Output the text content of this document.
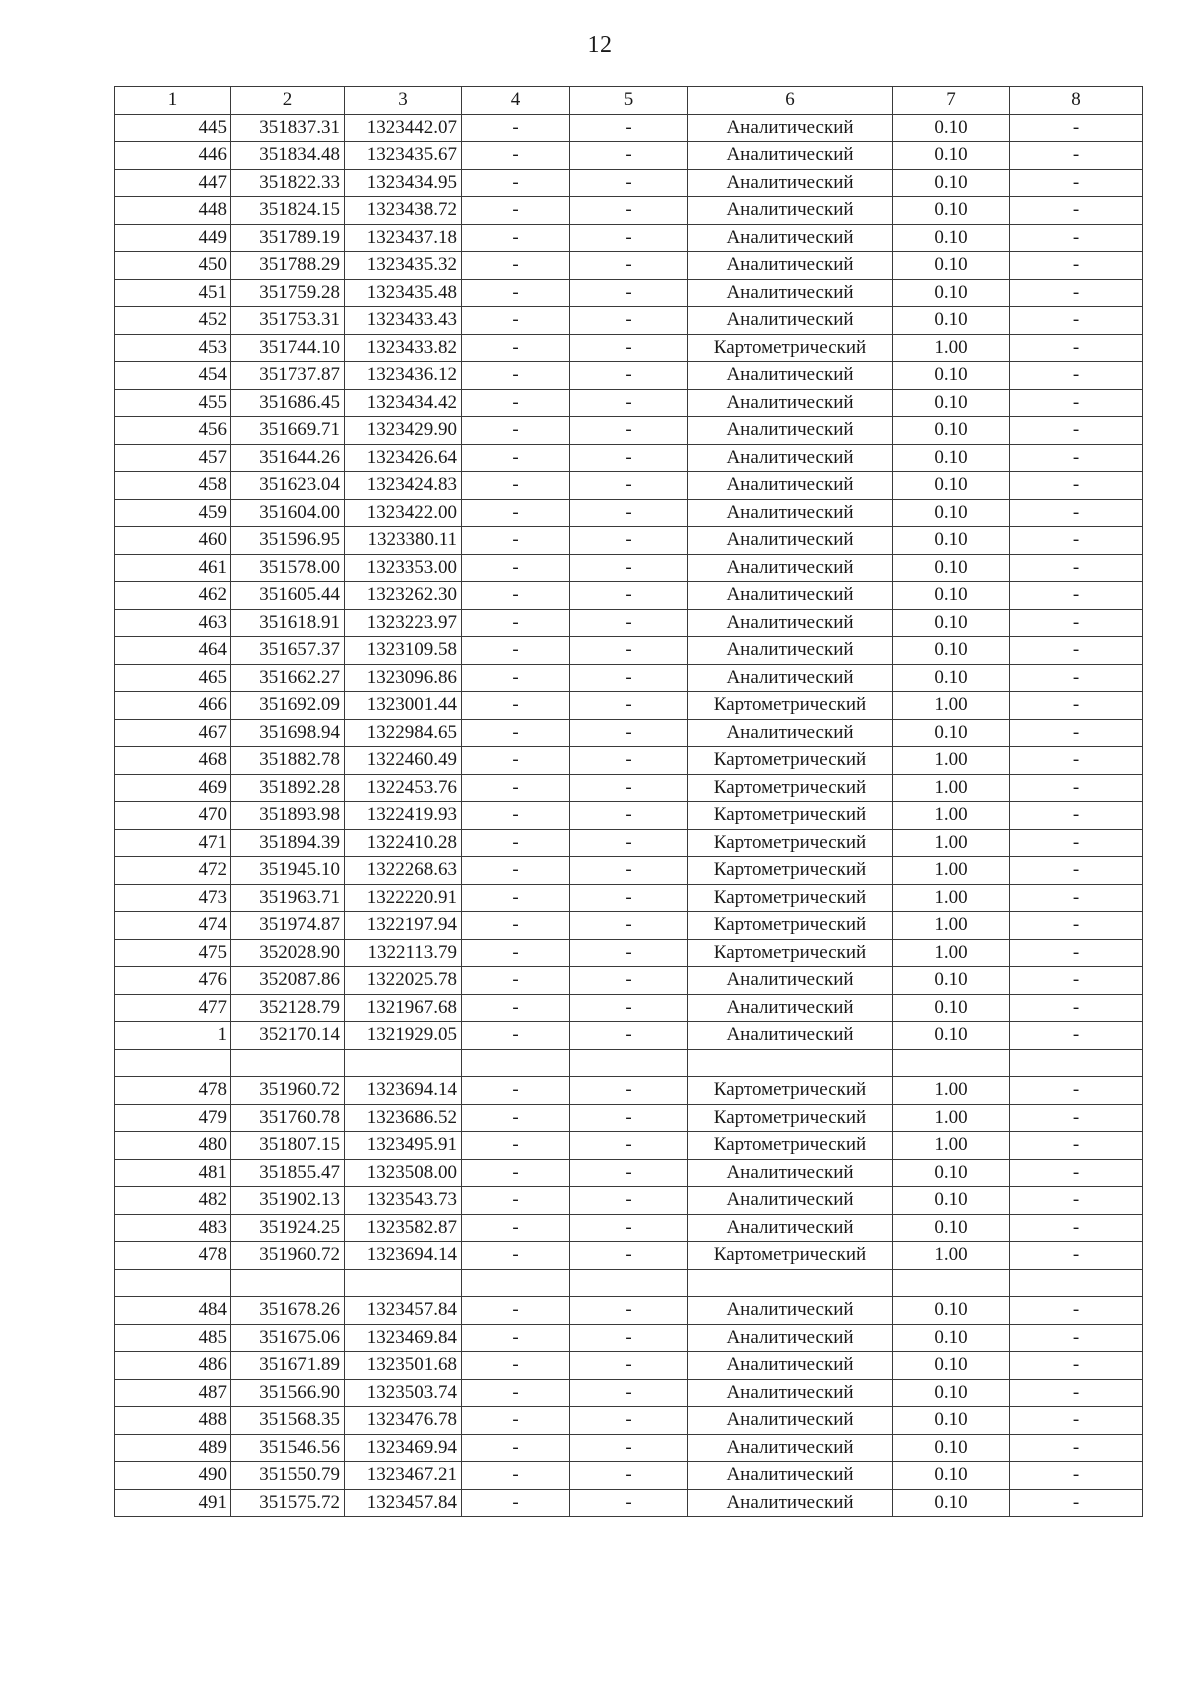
12
1	2	3	4	5	6	7	8
445	351837.31	1323442.07	-	-	Аналитический	0.10	-
446	351834.48	1323435.67	-	-	Аналитический	0.10	-
447	351822.33	1323434.95	-	-	Аналитический	0.10	-
448	351824.15	1323438.72	-	-	Аналитический	0.10	-
449	351789.19	1323437.18	-	-	Аналитический	0.10	-
450	351788.29	1323435.32	-	-	Аналитический	0.10	-
451	351759.28	1323435.48	-	-	Аналитический	0.10	-
452	351753.31	1323433.43	-	-	Аналитический	0.10	-
453	351744.10	1323433.82	-	-	Картометрический	1.00	-
454	351737.87	1323436.12	-	-	Аналитический	0.10	-
455	351686.45	1323434.42	-	-	Аналитический	0.10	-
456	351669.71	1323429.90	-	-	Аналитический	0.10	-
457	351644.26	1323426.64	-	-	Аналитический	0.10	-
458	351623.04	1323424.83	-	-	Аналитический	0.10	-
459	351604.00	1323422.00	-	-	Аналитический	0.10	-
460	351596.95	1323380.11	-	-	Аналитический	0.10	-
461	351578.00	1323353.00	-	-	Аналитический	0.10	-
462	351605.44	1323262.30	-	-	Аналитический	0.10	-
463	351618.91	1323223.97	-	-	Аналитический	0.10	-
464	351657.37	1323109.58	-	-	Аналитический	0.10	-
465	351662.27	1323096.86	-	-	Аналитический	0.10	-
466	351692.09	1323001.44	-	-	Картометрический	1.00	-
467	351698.94	1322984.65	-	-	Аналитический	0.10	-
468	351882.78	1322460.49	-	-	Картометрический	1.00	-
469	351892.28	1322453.76	-	-	Картометрический	1.00	-
470	351893.98	1322419.93	-	-	Картометрический	1.00	-
471	351894.39	1322410.28	-	-	Картометрический	1.00	-
472	351945.10	1322268.63	-	-	Картометрический	1.00	-
473	351963.71	1322220.91	-	-	Картометрический	1.00	-
474	351974.87	1322197.94	-	-	Картометрический	1.00	-
475	352028.90	1322113.79	-	-	Картометрический	1.00	-
476	352087.86	1322025.78	-	-	Аналитический	0.10	-
477	352128.79	1321967.68	-	-	Аналитический	0.10	-
1	352170.14	1321929.05	-	-	Аналитический	0.10	-

478	351960.72	1323694.14	-	-	Картометрический	1.00	-
479	351760.78	1323686.52	-	-	Картометрический	1.00	-
480	351807.15	1323495.91	-	-	Картометрический	1.00	-
481	351855.47	1323508.00	-	-	Аналитический	0.10	-
482	351902.13	1323543.73	-	-	Аналитический	0.10	-
483	351924.25	1323582.87	-	-	Аналитический	0.10	-
478	351960.72	1323694.14	-	-	Картометрический	1.00	-

484	351678.26	1323457.84	-	-	Аналитический	0.10	-
485	351675.06	1323469.84	-	-	Аналитический	0.10	-
486	351671.89	1323501.68	-	-	Аналитический	0.10	-
487	351566.90	1323503.74	-	-	Аналитический	0.10	-
488	351568.35	1323476.78	-	-	Аналитический	0.10	-
489	351546.56	1323469.94	-	-	Аналитический	0.10	-
490	351550.79	1323467.21	-	-	Аналитический	0.10	-
491	351575.72	1323457.84	-	-	Аналитический	0.10	-
